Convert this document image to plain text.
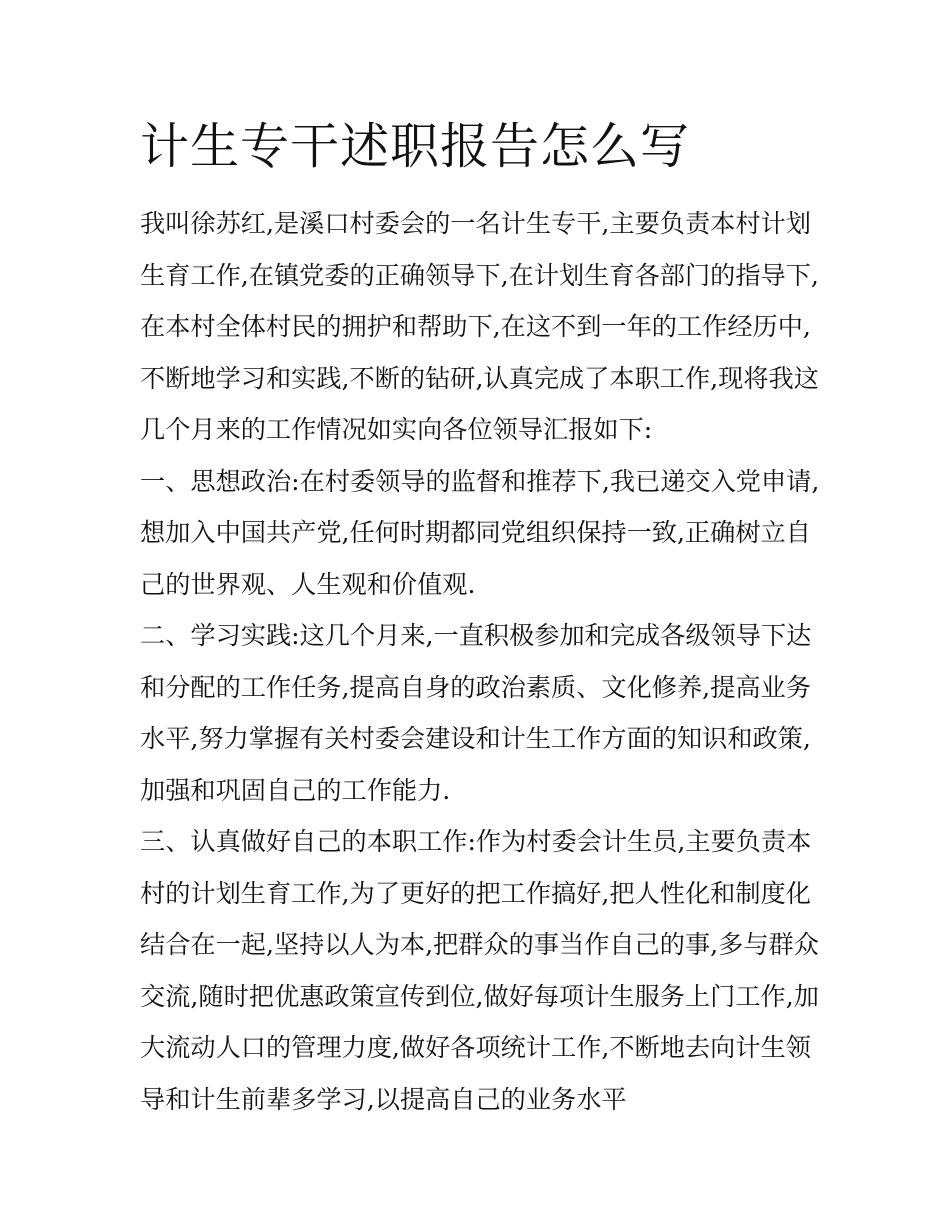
计生专干述职报告怎么写

我叫徐苏红,是溪口村委会的一名计生专干,主要负责本村计划

生育工作,在镇党委的正确领导下,在计划生育各部门的指导下,

在本村全体村民的拥护和帮助下,在这不到一年的工作经历中,

不断地学习和实践,不断的钻研,认真完成了本职工作,现将我这

几个月来的工作情况如实向各位领导汇报如下:

一、思想政治:在村委领导的监督和推荐下,我已递交入党申请,

想加入中国共产党,任何时期都同党组织保持一致,正确树立自

己的世界观、人生观和价值观.

二、学习实践:这几个月来,一直积极参加和完成各级领导下达

和分配的工作任务,提高自身的政治素质、文化修养,提高业务

水平,努力掌握有关村委会建设和计生工作方面的知识和政策,

加强和巩固自己的工作能力.

三、认真做好自己的本职工作:作为村委会计生员,主要负责本

村的计划生育工作,为了更好的把工作搞好,把人性化和制度化

结合在一起,坚持以人为本,把群众的事当作自己的事,多与群众

交流,随时把优惠政策宣传到位,做好每项计生服务上门工作,加

大流动人口的管理力度,做好各项统计工作,不断地去向计生领

导和计生前辈多学习,以提高自己的业务水平
